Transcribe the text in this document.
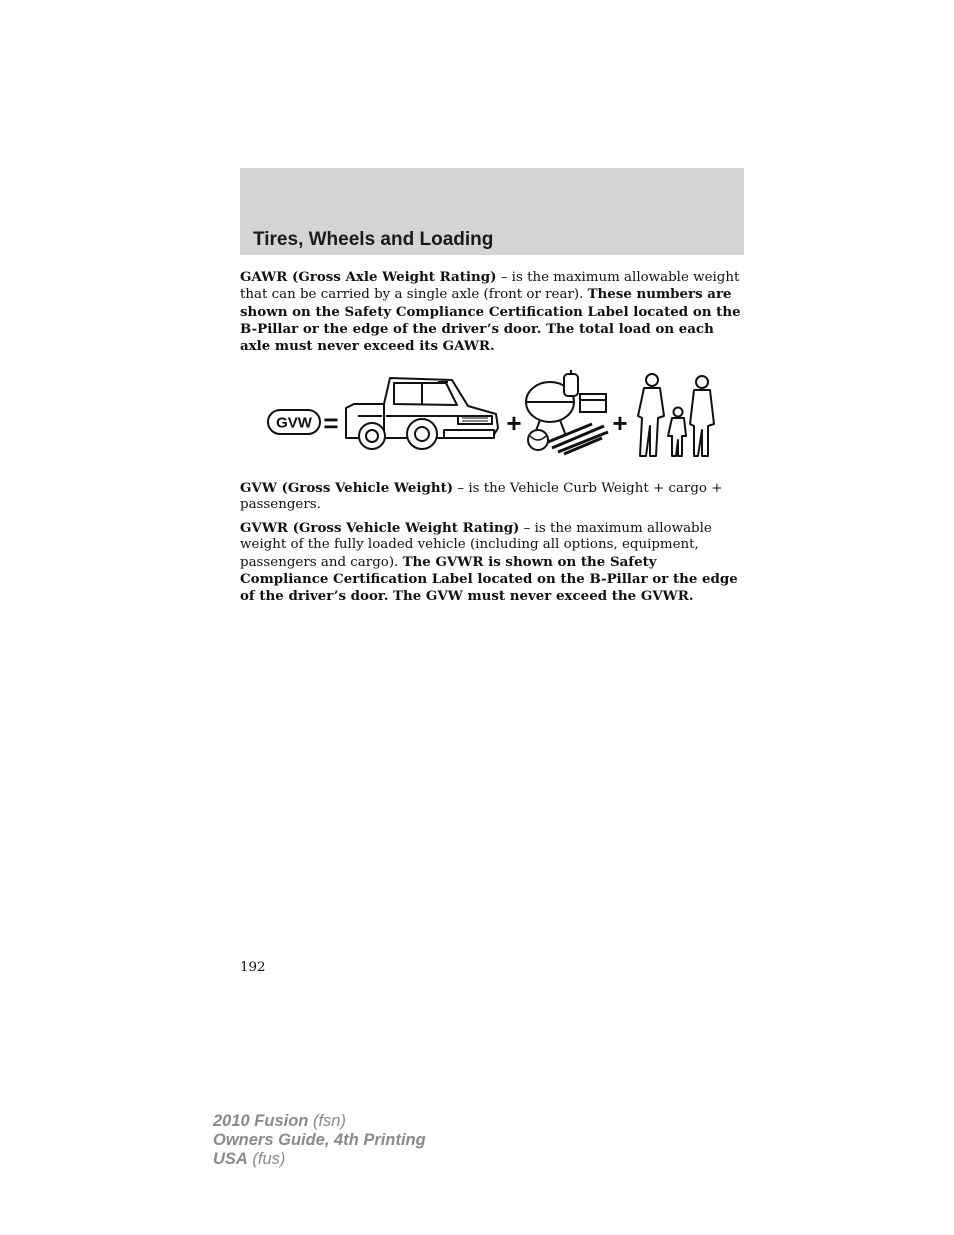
Tires, Wheels and Loading

GAWR (Gross Axle Weight Rating) – is the maximum allowable weight that can be carried by a single axle (front or rear). These numbers are shown on the Safety Compliance Certification Label located on the B-Pillar or the edge of the driver’s door. The total load on each axle must never exceed its GAWR.

GVW =	+	+

GVW (Gross Vehicle Weight) – is the Vehicle Curb Weight + cargo + passengers.

GVWR (Gross Vehicle Weight Rating) – is the maximum allowable weight of the fully loaded vehicle (including all options, equipment, passengers and cargo). The GVWR is shown on the Safety Compliance Certification Label located on the B-Pillar or the edge of the driver’s door. The GVW must never exceed the GVWR.

192

2010 Fusion (fsn)
Owners Guide, 4th Printing
USA (fus)
